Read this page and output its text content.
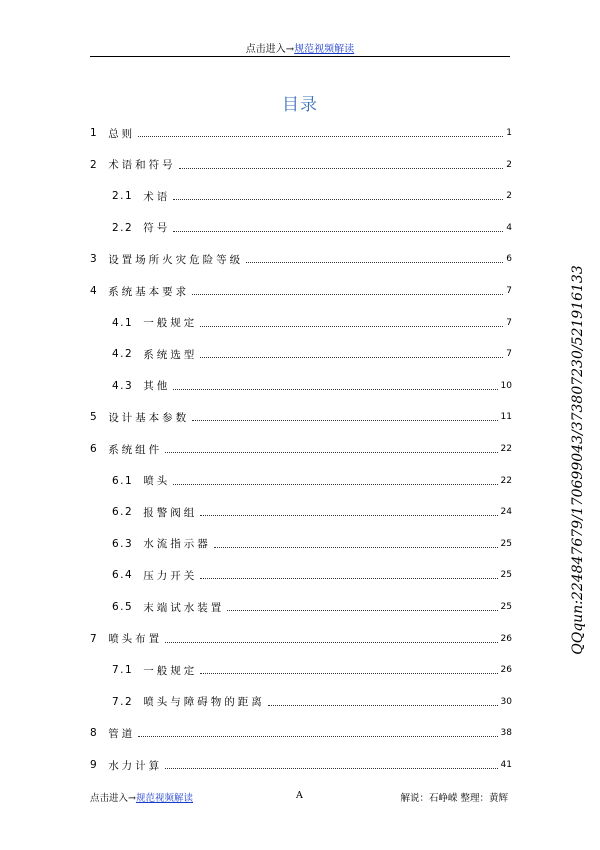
点击进入→规范视频解读
目录
1 总则	1
2 术语和符号	2
2.1 术语	2
2.2 符号	4
3 设置场所火灾危险等级	6
4 系统基本要求	7
4.1 一般规定	7
4.2 系统选型	7
4.3 其他	10
5 设计基本参数	11
6 系统组件	22
6.1 喷头	22
6.2 报警阀组	24
6.3 水流指示器	25
6.4 压力开关	25
6.5 末端试水装置	25
7 喷头布置	26
7.1 一般规定	26
7.2 喷头与障碍物的距离	30
8 管道	38
9 水力计算	41
点击进入→规范视频解读	A	解说：石峥嵘 整理：黄辉
QQqun:224847679/170699043/373807230/521916133
